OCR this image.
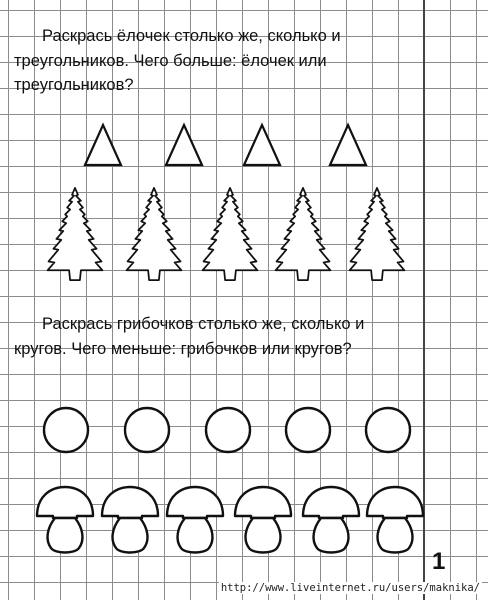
Раскрась ёлочек столько же, сколько и

треугольников. Чего больше: ёлочек или

треугольников?

Раскрась грибочков столько же, сколько и

кругов. Чего меньше: грибочков или кругов?

1
http://www.liveinternet.ru/users/maknika/
